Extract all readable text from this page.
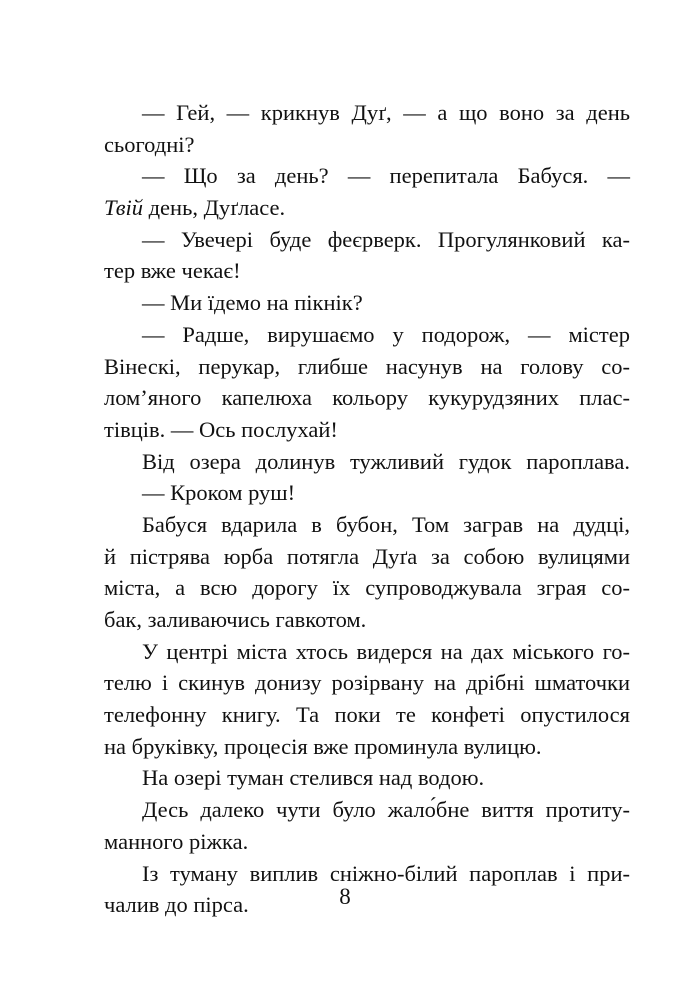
— Гей, — крикнув Дуґ, — а що воно за день
сьогодні?
— Що за день? — перепитала Бабуся. —
Твій день, Дуґласе.
— Увечері буде феєрверк. Прогулянковий ка-
тер вже чекає!
— Ми їдемо на пікнік?
— Радше, вирушаємо у подорож, — містер
Вінескі, перукар, глибше насунув на голову со-
лом’яного капелюха кольору кукурудзяних плас-
тівців. — Ось послухай!
Від озера долинув тужливий гудок пароплава.
— Кроком руш!
Бабуся вдарила в бубон, Том заграв на дудці,
й пістрява юрба потягла Дуґа за собою вулицями
міста, а всю дорогу їх супроводжувала зграя со-
бак, заливаючись гавкотом.
У центрі міста хтось видерся на дах міського го-
телю і скинув донизу розірвану на дрібні шматочки
телефонну книгу. Та поки те конфеті опустилося
на бруківку, процесія вже проминула вулицю.
На озері туман стелився над водою.
Десь далеко чути було жало́бне виття протиту-
манного ріжка.
Із туману виплив сніжно-білий пароплав і при-
чалив до пірса.	8
